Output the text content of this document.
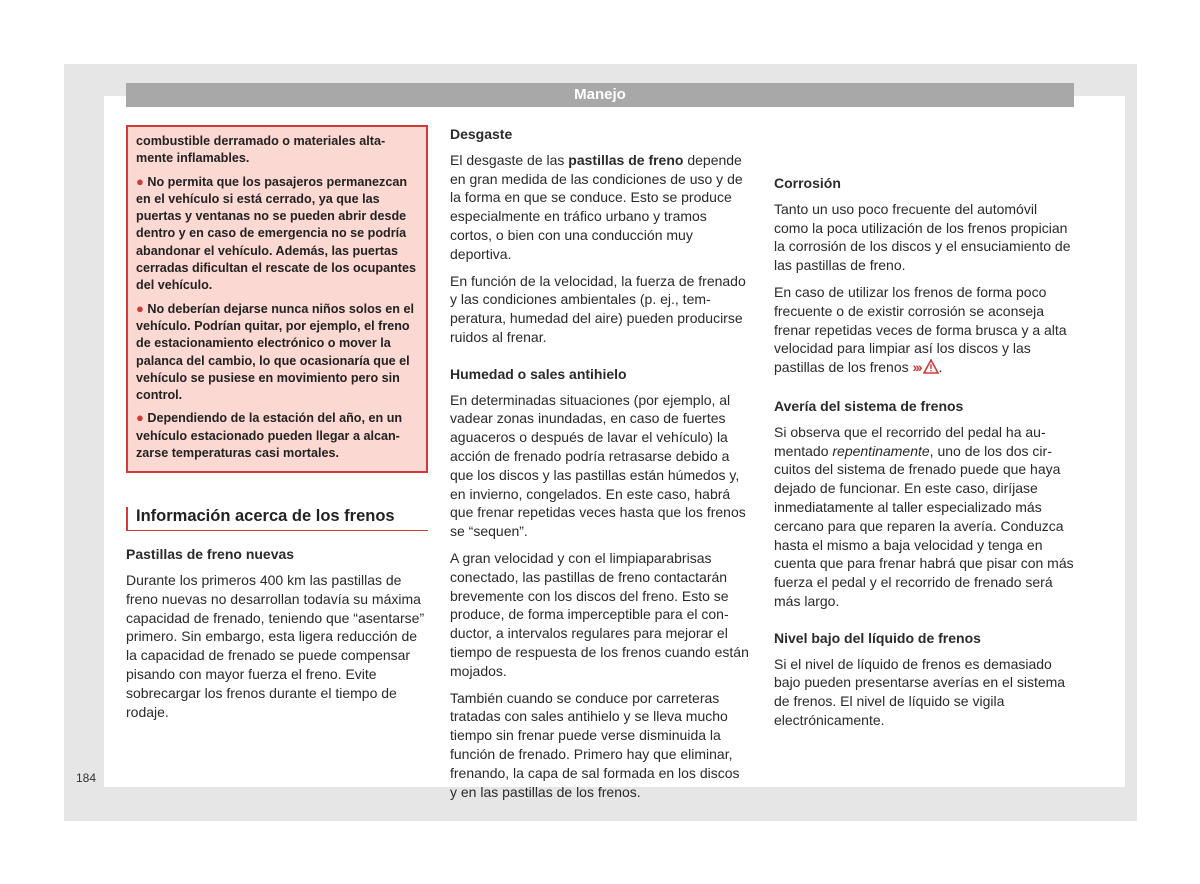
Manejo

combustible derramado o materiales altamente inflamables.

● No permita que los pasajeros permanezcan en el vehículo si está cerrado, ya que las puertas y ventanas no se pueden abrir desde dentro y en caso de emergencia no se podría abandonar el vehículo. Además, las puertas cerradas dificultan el rescate de los ocupantes del vehículo.

● No deberían dejarse nunca niños solos en el vehículo. Podrían quitar, por ejemplo, el freno de estacionamiento electrónico o mover la palanca del cambio, lo que ocasionaría que el vehículo se pusiese en movimiento pero sin control.

● Dependiendo de la estación del año, en un vehículo estacionado pueden llegar a alcanzarse temperaturas casi mortales.

Información acerca de los frenos
Pastillas de freno nuevas

Durante los primeros 400 km las pastillas de freno nuevas no desarrollan todavía su máxima capacidad de frenado, teniendo que “asentarse” primero. Sin embargo, esta ligera reducción de la capacidad de frenado se puede compensar pisando con mayor fuerza el freno. Evite sobrecargar los frenos durante el tiempo de rodaje.

Desgaste

El desgaste de las pastillas de freno depende en gran medida de las condiciones de uso y de la forma en que se conduce. Esto se produce especialmente en tráfico urbano y tramos cortos, o bien con una conducción muy deportiva.

En función de la velocidad, la fuerza de frenado y las condiciones ambientales (p. ej., temperatura, humedad del aire) pueden producirse ruidos al frenar.

Humedad o sales antihielo

En determinadas situaciones (por ejemplo, al vadear zonas inundadas, en caso de fuertes aguaceros o después de lavar el vehículo) la acción de frenado podría retrasarse debido a que los discos y las pastillas están húmedos y, en invierno, congelados. En este caso, habrá que frenar repetidas veces hasta que los frenos se “sequen”.

A gran velocidad y con el limpiaparabrisas conectado, las pastillas de freno contactarán brevemente con los discos del freno. Esto se produce, de forma imperceptible para el conductor, a intervalos regulares para mejorar el tiempo de respuesta de los frenos cuando están mojados.

También cuando se conduce por carreteras tratadas con sales antihielo y se lleva mucho tiempo sin frenar puede verse disminuida la función de frenado. Primero hay que eliminar, frenando, la capa de sal formada en los discos y en las pastillas de los frenos.

Corrosión

Tanto un uso poco frecuente del automóvil como la poca utilización de los frenos propician la corrosión de los discos y el ensuciamiento de las pastillas de freno.

En caso de utilizar los frenos de forma poco frecuente o de existir corrosión se aconseja frenar repetidas veces de forma brusca y a alta velocidad para limpiar así los discos y las pastillas de los frenos ››› .

Avería del sistema de frenos

Si observa que el recorrido del pedal ha aumentado repentinamente, uno de los dos circuitos del sistema de frenado puede que haya dejado de funcionar. En este caso, diríjase inmediatamente al taller especializado más cercano para que reparen la avería. Conduzca hasta el mismo a baja velocidad y tenga en cuenta que para frenar habrá que pisar con más fuerza el pedal y el recorrido de frenado será más largo.

Nivel bajo del líquido de frenos

Si el nivel de líquido de frenos es demasiado bajo pueden presentarse averías en el sistema de frenos. El nivel de líquido se vigila electrónicamente.

184
